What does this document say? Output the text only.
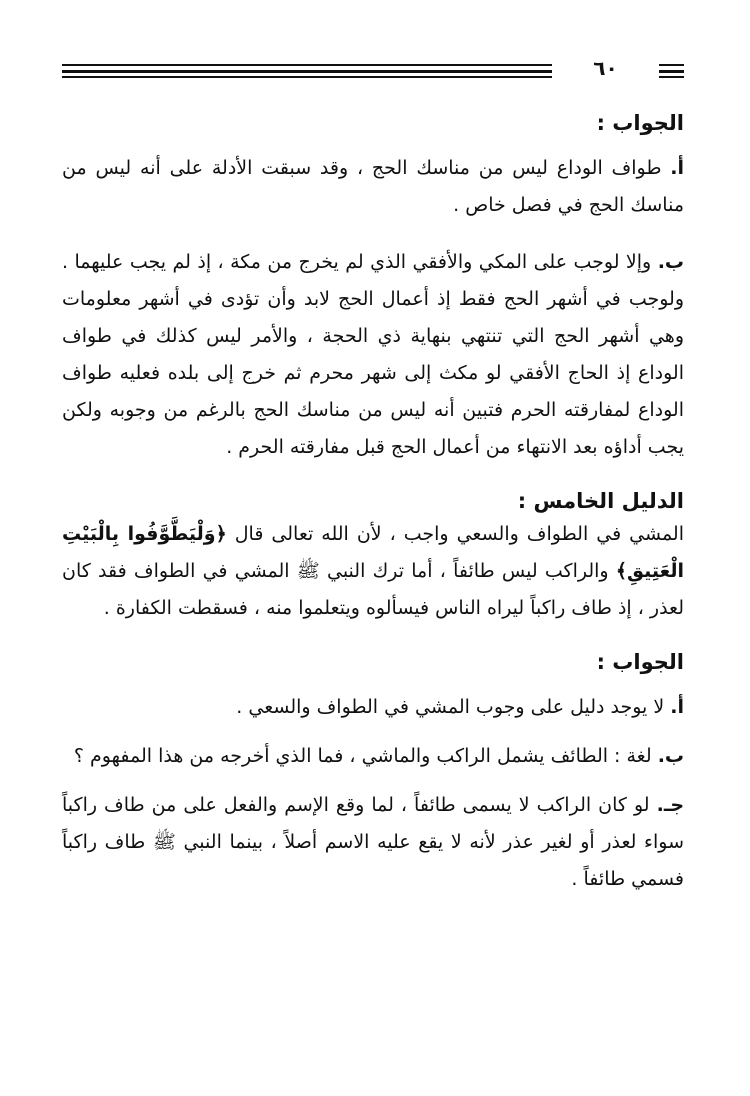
٦٠

الجواب :

أ. طواف الوداع ليس من مناسك الحج ، وقد سبقت الأدلة على أنه ليس من مناسك الحج في فصل خاص .

ب. وإلا لوجب على المكي والأفقي الذي لم يخرج من مكة ، إذ لم يجب عليهما . ولوجب في أشهر الحج فقط إذ أعمال الحج لابد وأن تؤدى في أشهر معلومات وهي أشهر الحج التي تنتهي بنهاية ذي الحجة ، والأمر ليس كذلك في طواف الوداع إذ الحاج الأفقي لو مكث إلى شهر محرم ثم خرج إلى بلده فعليه طواف الوداع لمفارقته الحرم فتبين أنه ليس من مناسك الحج بالرغم من وجوبه ولكن يجب أداؤه بعد الانتهاء من أعمال الحج قبل مفارقته الحرم .

الدليل الخامس :

المشي في الطواف والسعي واجب ، لأن الله تعالى قال ﴿وَلْيَطَّوَّفُوا بِالْبَيْتِ الْعَتِيقِ﴾ والراكب ليس طائفاً ، أما ترك النبي ﷺ المشي في الطواف فقد كان لعذر ، إذ طاف راكباً ليراه الناس فيسألوه ويتعلموا منه ، فسقطت الكفارة .

الجواب :

أ. لا يوجد دليل على وجوب المشي في الطواف والسعي .

ب. لغة : الطائف يشمل الراكب والماشي ، فما الذي أخرجه من هذا المفهوم ؟

جـ. لو كان الراكب لا يسمى طائفاً ، لما وقع الإسم والفعل على من طاف راكباً سواء لعذر أو لغير عذر لأنه لا يقع عليه الاسم أصلاً ، بينما النبي ﷺ طاف راكباً فسمي طائفاً .
